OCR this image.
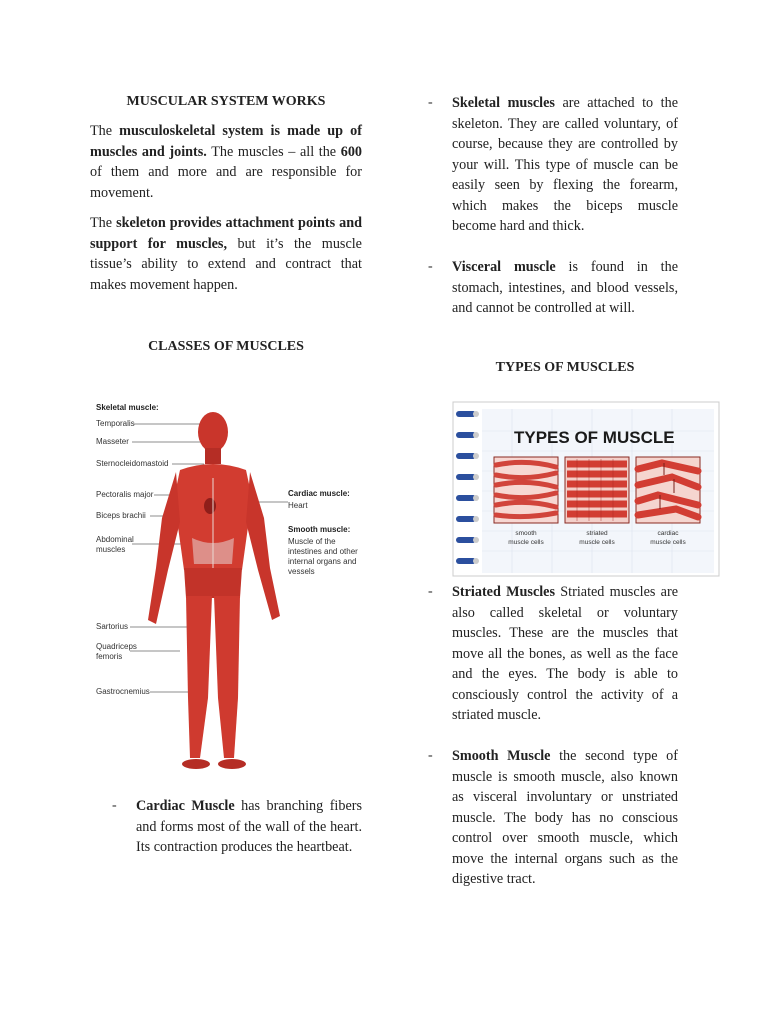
MUSCULAR SYSTEM WORKS

The musculoskeletal system is made up of muscles and joints. The muscles – all the 600 of them and more and are responsible for movement.

The skeleton provides attachment points and support for muscles, but it’s the muscle tissue’s ability to extend and contract that makes movement happen.

CLASSES OF MUSCLES
Skeletal muscle:
Temporalis
Masseter
Sternocleidomastoid
Pectoralis major
Biceps brachii
Abdominal
muscles
Sartorius
Quadriceps
femoris
Gastrocnemius
Cardiac muscle:
Heart
Smooth muscle:
Muscle of the
intestines and other
internal organs and
vessels
-	Cardiac Muscle has branching fibers and forms most of the wall of the heart. Its contraction produces the heartbeat.

-	Skeletal muscles are attached to the skeleton. They are called voluntary, of course, because they are controlled by your will. This type of muscle can be easily seen by flexing the forearm, which makes the biceps muscle become hard and thick.

-	Visceral muscle is found in the stomach, intestines, and blood vessels, and cannot be controlled at will.

TYPES OF MUSCLES
TYPES OF MUSCLE
smooth
muscle cells
striated
muscle cells
cardiac
muscle cells
-	Striated Muscles Striated muscles are also called skeletal or voluntary muscles. These are the muscles that move all the bones, as well as the face and the eyes. The body is able to consciously control the activity of a striated muscle.

-	Smooth Muscle the second type of muscle is smooth muscle, also known as visceral involuntary or unstriated muscle. The body has no conscious control over smooth muscle, which move the internal organs such as the digestive tract.
